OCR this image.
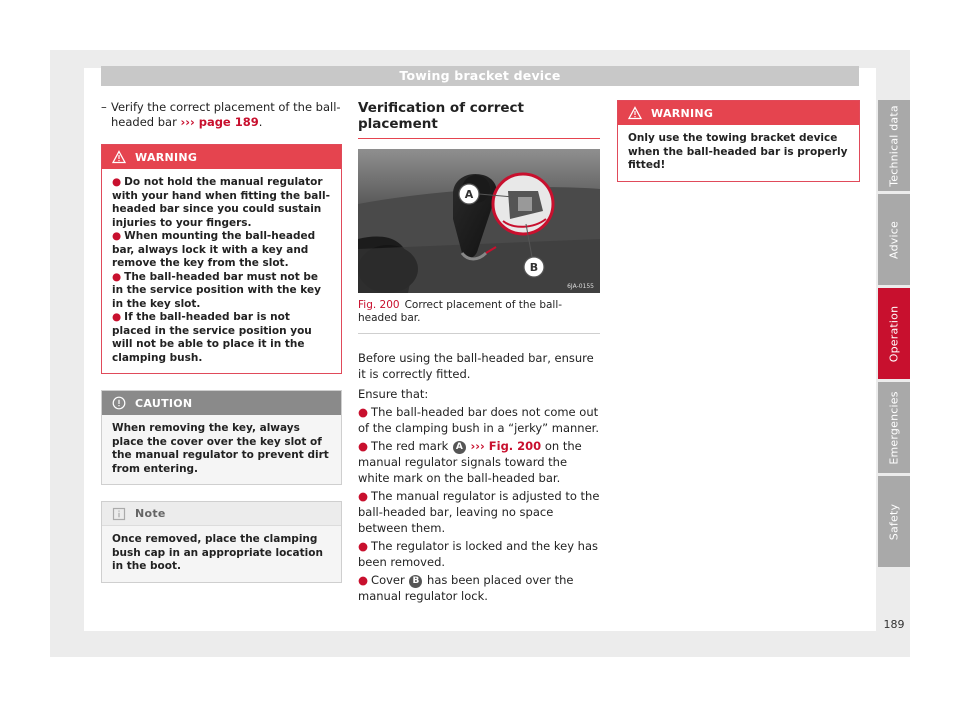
Towing bracket device
– Verify the correct placement of the ball-headed bar ››› page 189.
WARNING
● Do not hold the manual regulator with your hand when fitting the ball-headed bar since you could sustain injuries to your fingers.
● When mounting the ball-headed bar, always lock it with a key and remove the key from the slot.
● The ball-headed bar must not be in the service position with the key in the key slot.
● If the ball-headed bar is not placed in the service position you will not be able to place it in the clamping bush.
CAUTION
When removing the key, always place the cover over the key slot of the manual regulator to prevent dirt from entering.
Note
Once removed, place the clamping bush cap in an appropriate location in the boot.
Verification of correct placement
A
B
6JA-0155
Fig. 200 Correct placement of the ball-headed bar.
Before using the ball-headed bar, ensure it is correctly fitted.
Ensure that:
● The ball-headed bar does not come out of the clamping bush in a “jerky” manner.
● The red mark A ››› Fig. 200 on the manual regulator signals toward the white mark on the ball-headed bar.
● The manual regulator is adjusted to the ball-headed bar, leaving no space between them.
● The regulator is locked and the key has been removed.
● Cover B has been placed over the manual regulator lock.
WARNING
Only use the towing bracket device when the ball-headed bar is properly fitted!	Technical data
Advice
Operation
Emergencies
Safety
189
